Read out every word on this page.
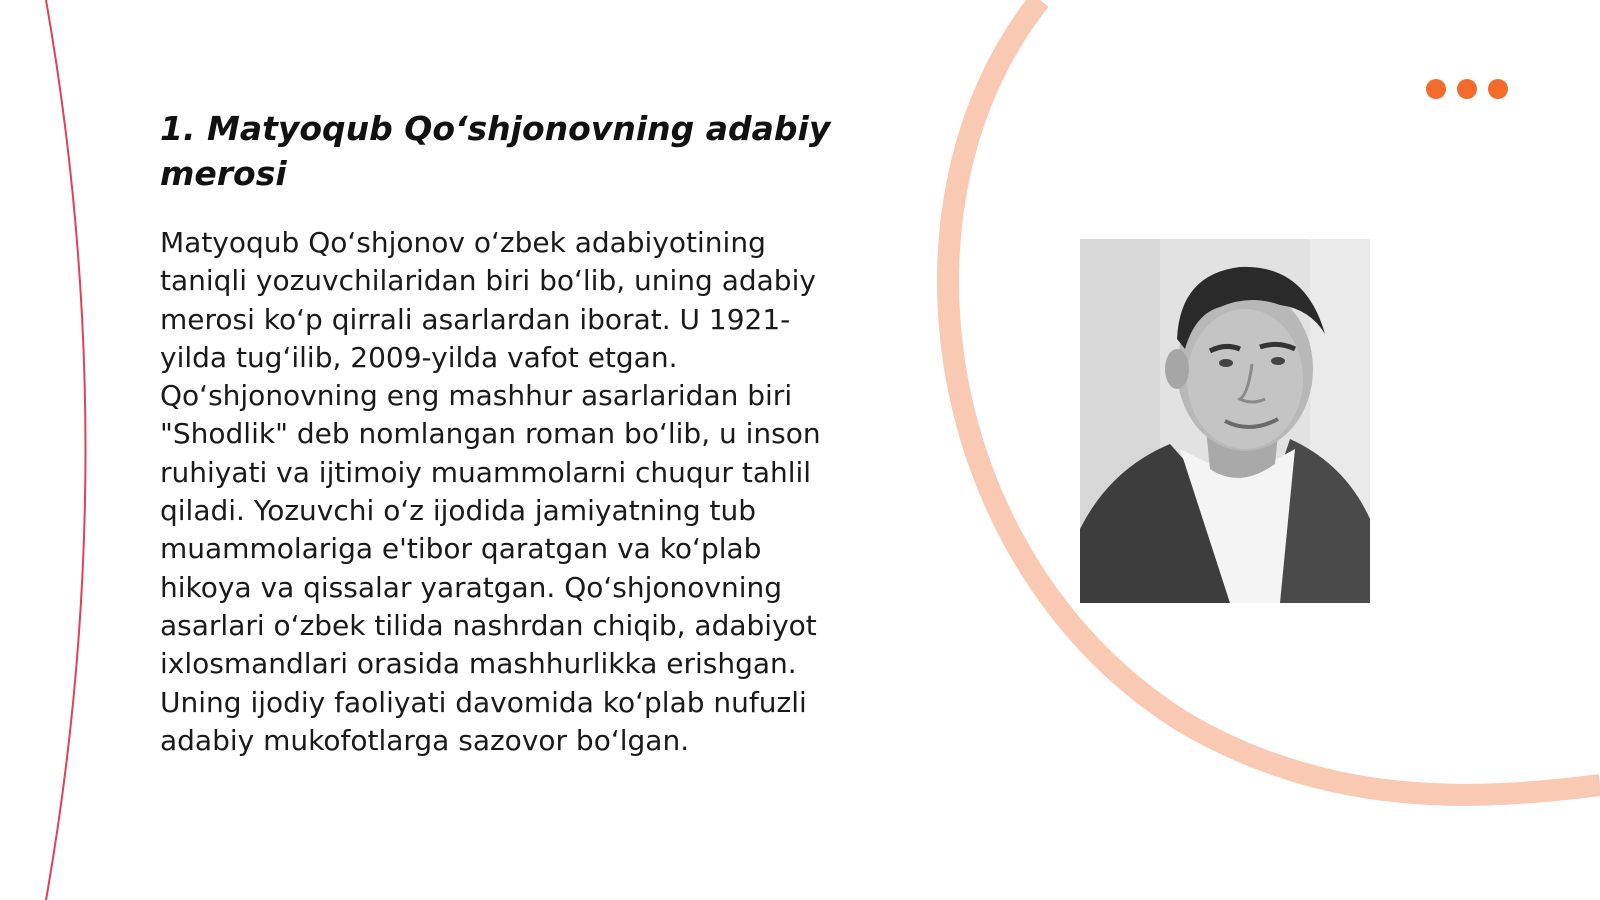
1. Matyoqub Qo‘shjonovning adabiy merosi

Matyoqub Qo‘shjonov o‘zbek adabiyotining taniqli yozuvchilaridan biri bo‘lib, uning adabiy merosi ko‘p qirrali asarlardan iborat. U 1921-yilda tug‘ilib, 2009-yilda vafot etgan. Qo‘shjonovning eng mashhur asarlaridan biri "Shodlik" deb nomlangan roman bo‘lib, u inson ruhiyati va ijtimoiy muammolarni chuqur tahlil qiladi. Yozuvchi o‘z ijodida jamiyatning tub muammolariga e'tibor qaratgan va ko‘plab hikoya va qissalar yaratgan. Qo‘shjonovning asarlari o‘zbek tilida nashrdan chiqib, adabiyot ixlosmandlari orasida mashhurlikka erishgan. Uning ijodiy faoliyati davomida ko‘plab nufuzli adabiy mukofotlarga sazovor bo‘lgan.
